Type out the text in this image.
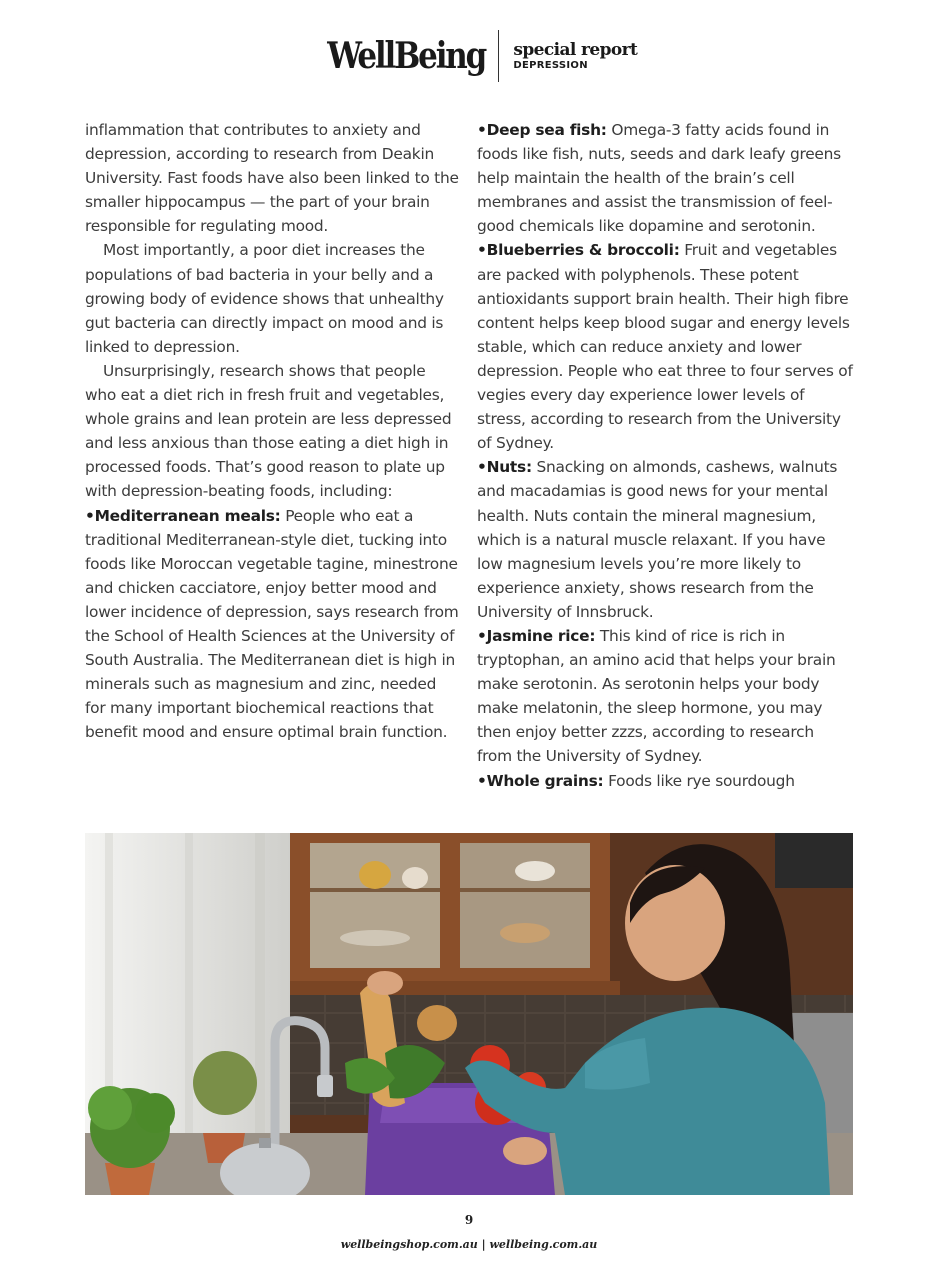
WellBeing special report
DEPRESSION

inflammation that contributes to anxiety and depression, according to research from Deakin University. Fast foods have also been linked to the smaller hippocampus — the part of your brain responsible for regulating mood.

Most importantly, a poor diet increases the populations of bad bacteria in your belly and a growing body of evidence shows that unhealthy gut bacteria can directly impact on mood and is linked to depression.

Unsurprisingly, research shows that people who eat a diet rich in fresh fruit and vegetables, whole grains and lean protein are less depressed and less anxious than those eating a diet high in processed foods. That’s good reason to plate up with depression-beating foods, including:

•Mediterranean meals: People who eat a traditional Mediterranean-style diet, tucking into foods like Moroccan vegetable tagine, minestrone and chicken cacciatore, enjoy better mood and lower incidence of depression, says research from the School of Health Sciences at the University of South Australia. The Mediterranean diet is high in minerals such as magnesium and zinc, needed for many important biochemical reactions that benefit mood and ensure optimal brain function.

•Deep sea fish: Omega-3 fatty acids found in foods like fish, nuts, seeds and dark leafy greens help maintain the health of the brain’s cell membranes and assist the transmission of feel-good chemicals like dopamine and serotonin.

•Blueberries & broccoli: Fruit and vegetables are packed with polyphenols. These potent antioxidants support brain health. Their high fibre content helps keep blood sugar and energy levels stable, which can reduce anxiety and lower depression. People who eat three to four serves of vegies every day experience lower levels of stress, according to research from the University of Sydney.

•Nuts: Snacking on almonds, cashews, walnuts and macadamias is good news for your mental health. Nuts contain the mineral magnesium, which is a natural muscle relaxant. If you have low magnesium levels you’re more likely to experience anxiety, shows research from the University of Innsbruck.

•Jasmine rice: This kind of rice is rich in tryptophan, an amino acid that helps your brain make serotonin. As serotonin helps your body make melatonin, the sleep hormone, you may then enjoy better zzzs, according to research from the University of Sydney.

•Whole grains: Foods like rye sourdough

9
wellbeingshop.com.au | wellbeing.com.au
